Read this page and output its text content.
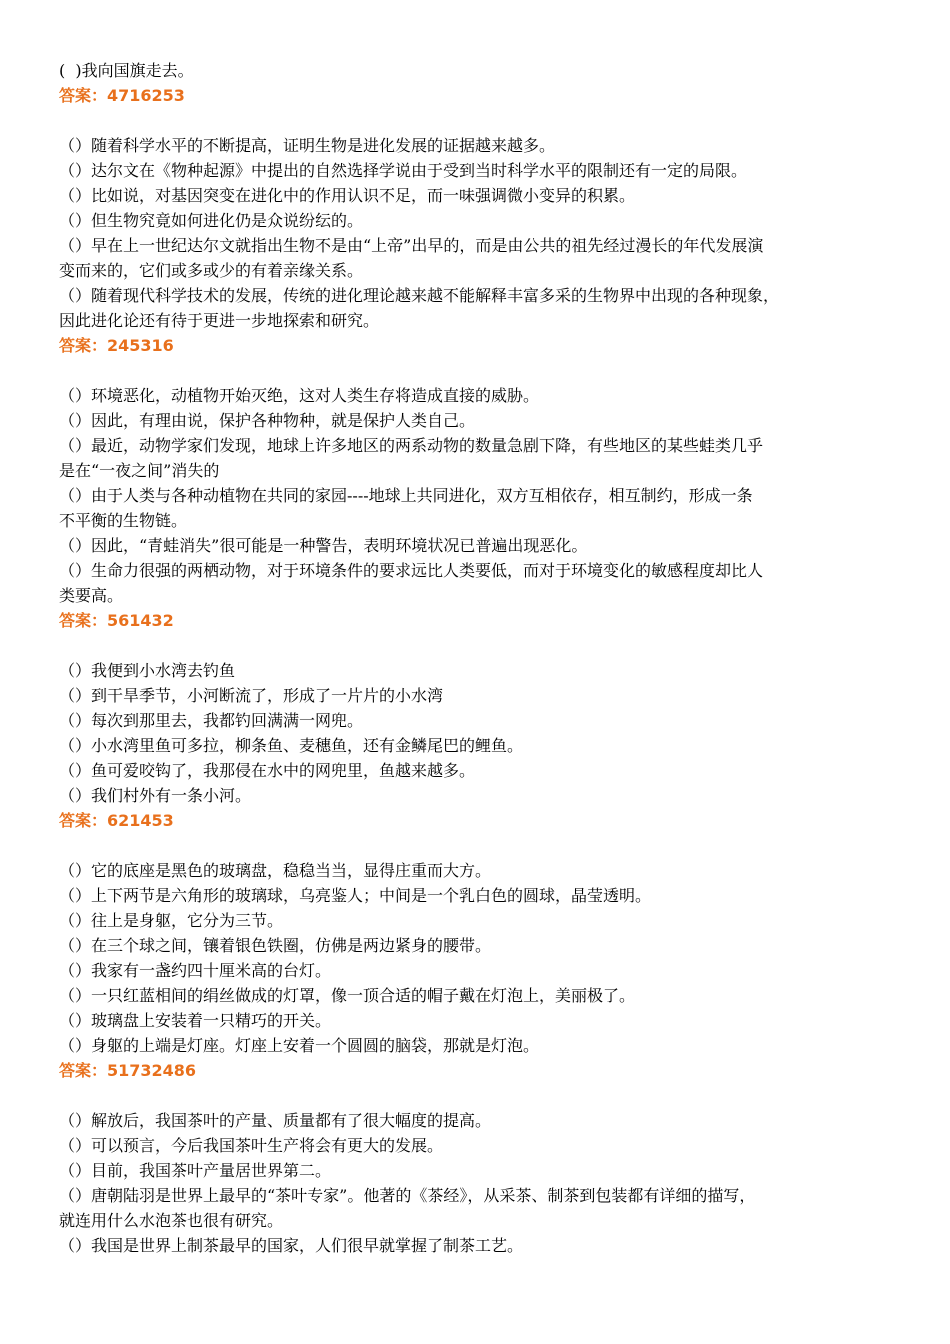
(  )我向国旗走去。
答案：4716253
（）随着科学水平的不断提高，证明生物是进化发展的证据越来越多。
（）达尔文在《物种起源》中提出的自然选择学说由于受到当时科学水平的限制还有一定的局限。
（）比如说，对基因突变在进化中的作用认识不足，而一味强调微小变异的积累。
（）但生物究竟如何进化仍是众说纷纭的。
（）早在上一世纪达尔文就指出生物不是由“上帝”出早的，而是由公共的祖先经过漫长的年代发展演
变而来的，它们或多或少的有着亲缘关系。
（）随着现代科学技术的发展，传统的进化理论越来越不能解释丰富多采的生物界中出现的各种现象，
因此进化论还有待于更进一步地探索和研究。
答案：245316
（）环境恶化，动植物开始灭绝，这对人类生存将造成直接的威胁。
（）因此，有理由说，保护各种物种，就是保护人类自己。
（）最近，动物学家们发现，地球上许多地区的两系动物的数量急剧下降，有些地区的某些蛙类几乎
是在“一夜之间”消失的
（）由于人类与各种动植物在共同的家园----地球上共同进化，双方互相依存，相互制约，形成一条
不平衡的生物链。
（）因此，“青蛙消失”很可能是一种警告，表明环境状况已普遍出现恶化。
（）生命力很强的两栖动物，对于环境条件的要求远比人类要低，而对于环境变化的敏感程度却比人
类要高。
答案：561432
（）我便到小水湾去钓鱼
（）到干旱季节，小河断流了，形成了一片片的小水湾
（）每次到那里去，我都钓回满满一网兜。
（）小水湾里鱼可多拉，柳条鱼、麦穗鱼，还有金鳞尾巴的鲤鱼。
（）鱼可爱咬钩了，我那侵在水中的网兜里，鱼越来越多。
（）我们村外有一条小河。
答案：621453
（）它的底座是黑色的玻璃盘，稳稳当当，显得庄重而大方。
（）上下两节是六角形的玻璃球，乌亮鉴人；中间是一个乳白色的圆球，晶莹透明。
（）往上是身躯，它分为三节。
（）在三个球之间，镶着银色铁圈，仿佛是两边紧身的腰带。
（）我家有一盏约四十厘米高的台灯。
（）一只红蓝相间的绢丝做成的灯罩，像一顶合适的帽子戴在灯泡上，美丽极了。
（）玻璃盘上安装着一只精巧的开关。
（）身躯的上端是灯座。灯座上安着一个圆圆的脑袋，那就是灯泡。
答案：51732486
（）解放后，我国茶叶的产量、质量都有了很大幅度的提高。
（）可以预言，今后我国茶叶生产将会有更大的发展。
（）目前，我国茶叶产量居世界第二。
（）唐朝陆羽是世界上最早的“茶叶专家”。他著的《茶经》，从采茶、制茶到包装都有详细的描写，
就连用什么水泡茶也很有研究。
（）我国是世界上制茶最早的国家，人们很早就掌握了制茶工艺。
